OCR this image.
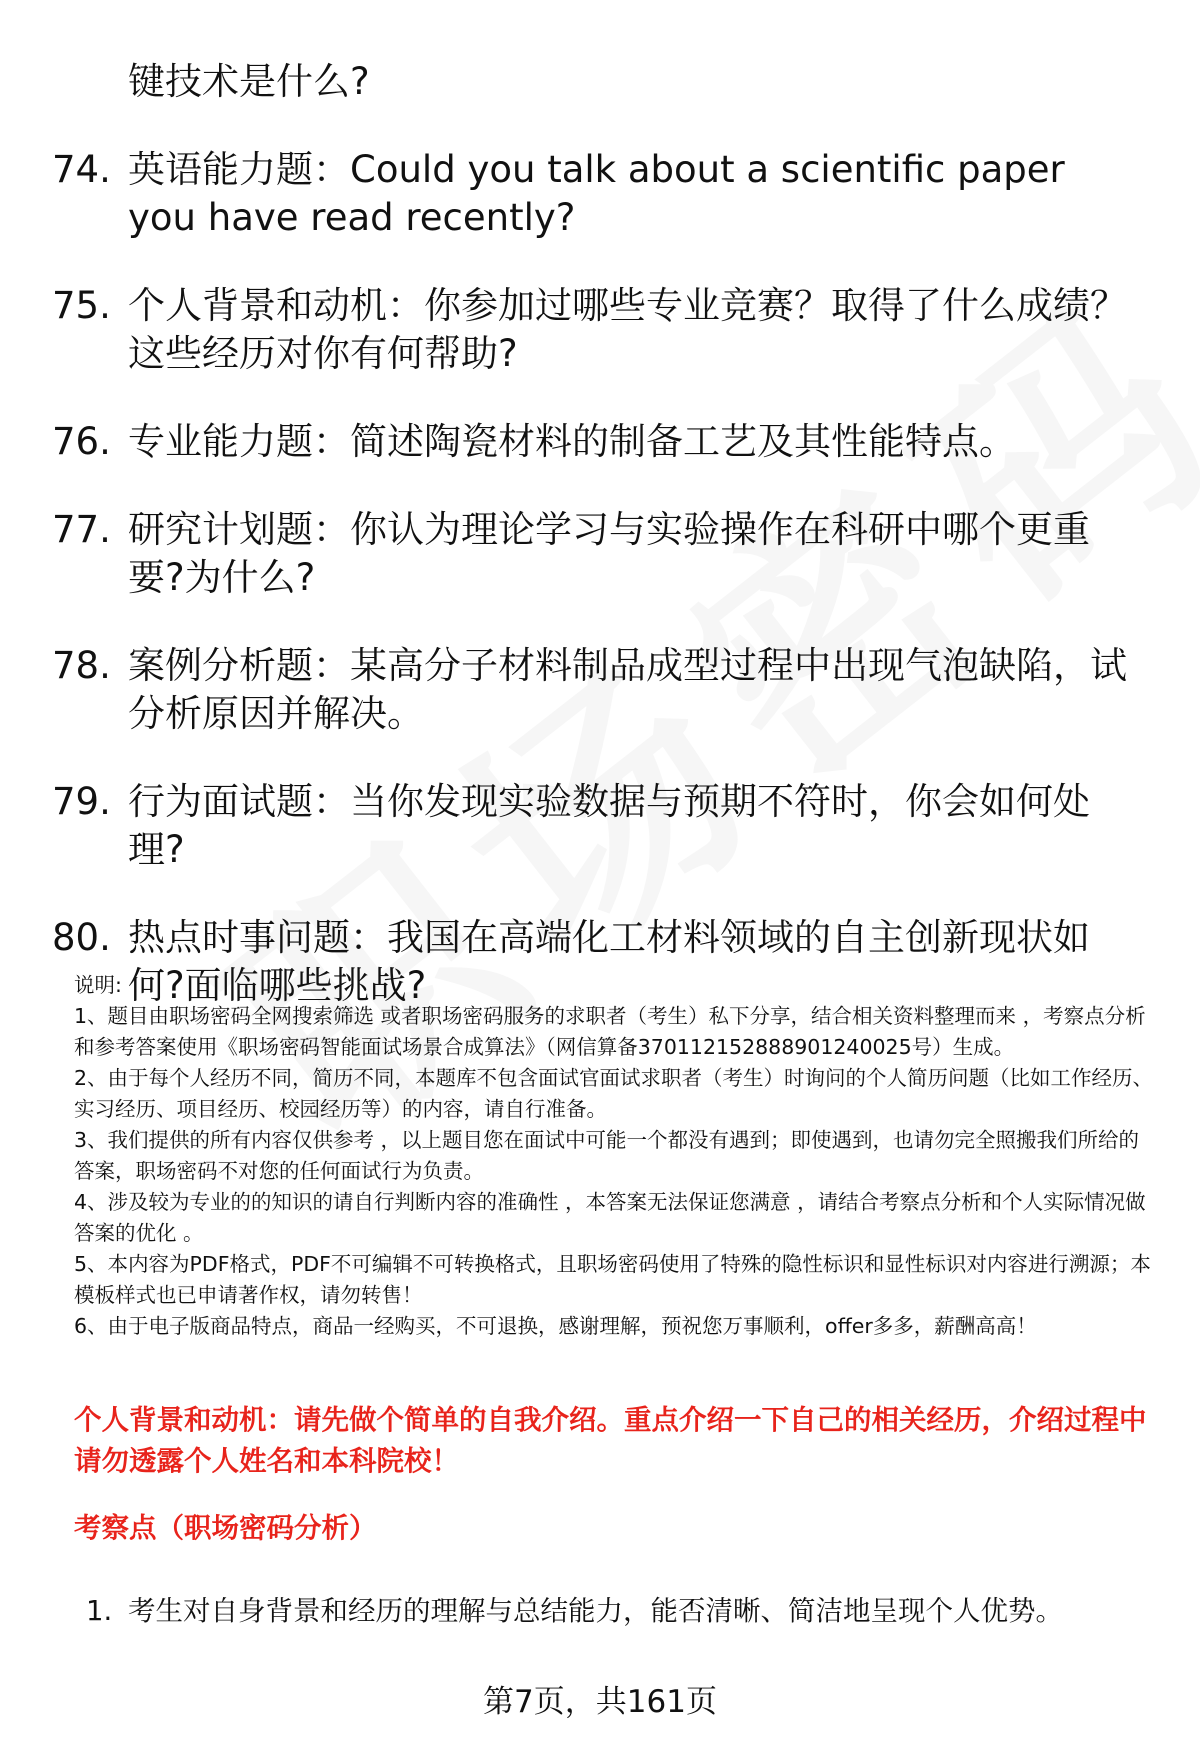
键技术是什么?
74. 英语能力题：Could you talk about a scientific paper you have read recently?
75. 个人背景和动机：你参加过哪些专业竞赛？取得了什么成绩？这些经历对你有何帮助?
76. 专业能力题：简述陶瓷材料的制备工艺及其性能特点。
77. 研究计划题：你认为理论学习与实验操作在科研中哪个更重要?为什么?
78. 案例分析题：某高分子材料制品成型过程中出现气泡缺陷，试分析原因并解决。
79. 行为面试题：当你发现实验数据与预期不符时，你会如何处理?
80. 热点时事问题：我国在高端化工材料领域的自主创新现状如何?面临哪些挑战?

说明:

1、题目由职场密码全网搜索筛选 或者职场密码服务的求职者（考生）私下分享，结合相关资料整理而来 ，考察点分析和参考答案使用《职场密码智能面试场景合成算法》（网信算备370112152888901240025号）生成。

2、由于每个人经历不同，简历不同，本题库不包含面试官面试求职者（考生）时询问的个人简历问题（比如工作经历、实习经历、项目经历、校园经历等）的内容，请自行准备。

3、我们提供的所有内容仅供参考 ，以上题目您在面试中可能一个都没有遇到；即使遇到，也请勿完全照搬我们所给的答案，职场密码不对您的任何面试行为负责。

4、涉及较为专业的的知识的请自行判断内容的准确性 ，本答案无法保证您满意 ，请结合考察点分析和个人实际情况做答案的优化 。

5、本内容为PDF格式，PDF不可编辑不可转换格式，且职场密码使用了特殊的隐性标识和显性标识对内容进行溯源；本模板样式也已申请著作权，请勿转售！

6、由于电子版商品特点，商品一经购买，不可退换，感谢理解，预祝您万事顺利，offer多多，薪酬高高！

个人背景和动机：请先做个简单的自我介绍。重点介绍一下自己的相关经历，介绍过程中请勿透露个人姓名和本科院校！
考察点（职场密码分析）
1. 考生对自身背景和经历的理解与总结能力，能否清晰、简洁地呈现个人优势。
第7页，共161页
